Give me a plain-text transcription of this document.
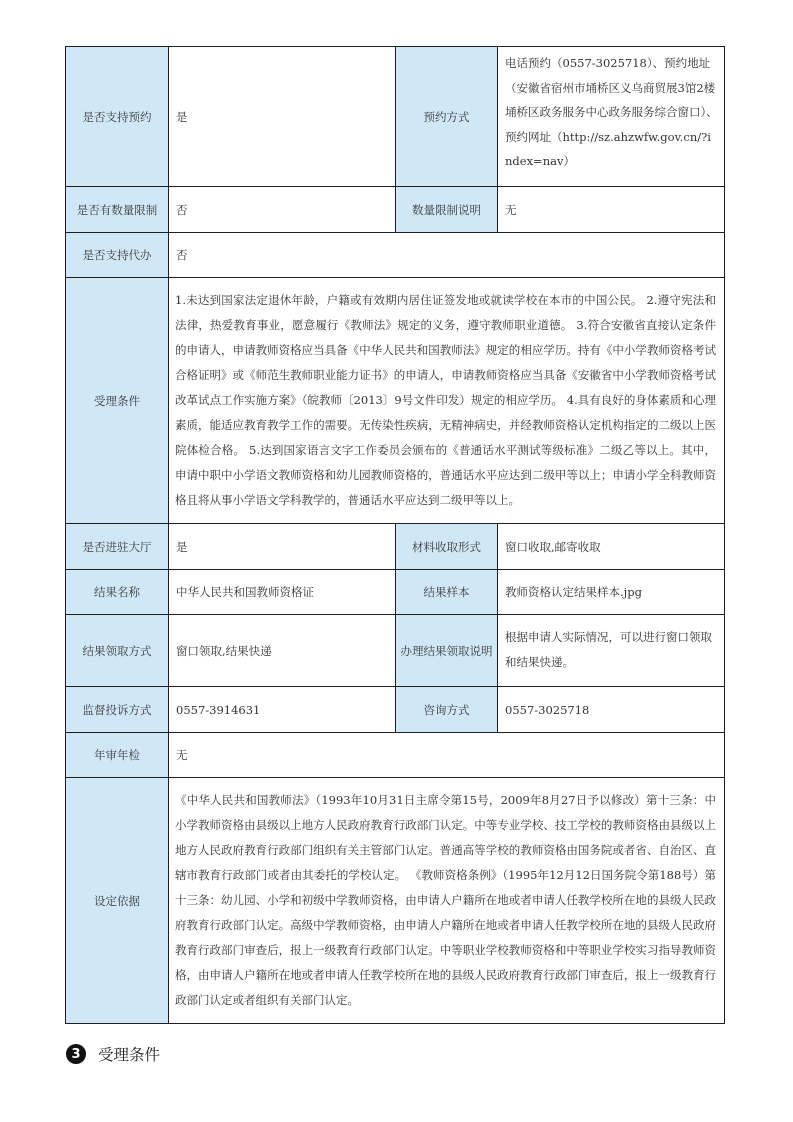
是否支持预约	是	预约方式	电话预约（0557-3025718）、预约地址（安徽省宿州市埇桥区义乌商贸展3馆2楼埇桥区政务服务中心政务服务综合窗口）、预约网址（http://sz.ahzwfw.gov.cn/?index=nav）
是否有数量限制	否	数量限制说明	无
是否支持代办	否		
受理条件	1.未达到国家法定退休年龄，户籍或有效期内居住证签发地或就读学校在本市的中国公民。 2.遵守宪法和法律，热爱教育事业，愿意履行《教师法》规定的义务，遵守教师职业道德。 3.符合安徽省直接认定条件的申请人，申请教师资格应当具备《中华人民共和国教师法》规定的相应学历。持有《中小学教师资格考试合格证明》或《师范生教师职业能力证书》的申请人，申请教师资格应当具备《安徽省中小学教师资格考试改革试点工作实施方案》（皖教师〔2013〕9号文件印发）规定的相应学历。 4.具有良好的身体素质和心理素质，能适应教育教学工作的需要。无传染性疾病，无精神病史，并经教师资格认定机构指定的二级以上医院体检合格。 5.达到国家语言文字工作委员会颁布的《普通话水平测试等级标准》二级乙等以上。其中，申请中职中小学语文教师资格和幼儿园教师资格的，普通话水平应达到二级甲等以上；申请小学全科教师资格且将从事小学语文学科教学的，普通话水平应达到二级甲等以上。		
是否进驻大厅	是	材料收取形式	窗口收取,邮寄收取
结果名称	中华人民共和国教师资格证	结果样本	教师资格认定结果样本.jpg
结果领取方式	窗口领取,结果快递	办理结果领取说明	根据申请人实际情况，可以进行窗口领取和结果快递。
监督投诉方式	0557-3914631	咨询方式	0557-3025718
年审年检	无		
设定依据	《中华人民共和国教师法》（1993年10月31日主席令第15号，2009年8月27日予以修改）第十三条：中小学教师资格由县级以上地方人民政府教育行政部门认定。中等专业学校、技工学校的教师资格由县级以上地方人民政府教育行政部门组织有关主管部门认定。普通高等学校的教师资格由国务院或者省、自治区、直辖市教育行政部门或者由其委托的学校认定。 《教师资格条例》（1995年12月12日国务院令第188号）第十三条：幼儿园、小学和初级中学教师资格，由申请人户籍所在地或者申请人任教学校所在地的县级人民政府教育行政部门认定。高级中学教师资格，由申请人户籍所在地或者申请人任教学校所在地的县级人民政府教育行政部门审查后，报上一级教育行政部门认定。中等职业学校教师资格和中等职业学校实习指导教师资格，由申请人户籍所在地或者申请人任教学校所在地的县级人民政府教育行政部门审查后，报上一级教育行政部门认定或者组织有关部门认定。		
3	受理条件
